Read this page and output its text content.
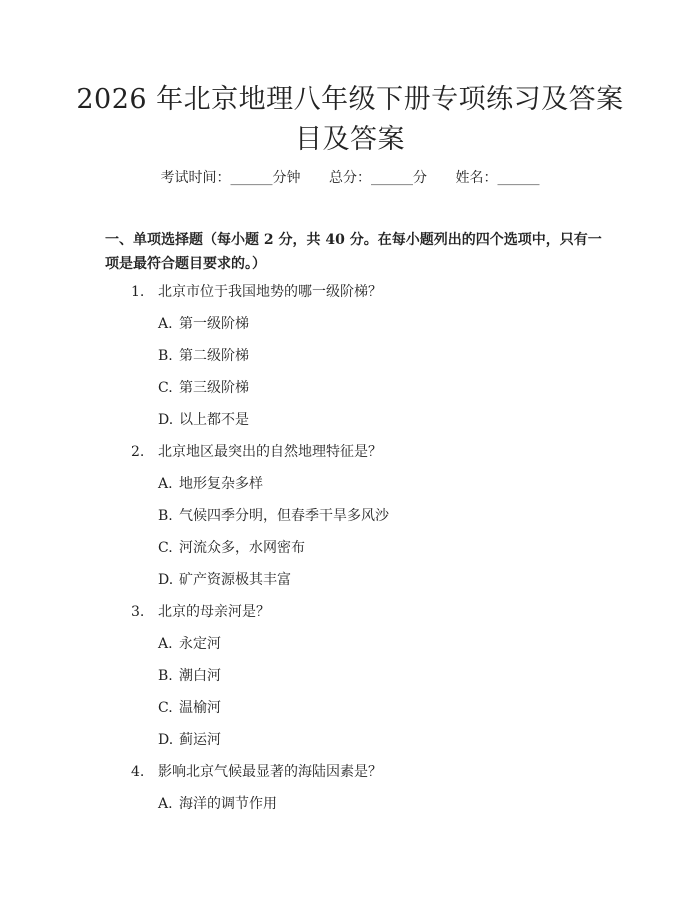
2026 年北京地理八年级下册专项练习及答案
目及答案
考试时间：______分钟 总分：______分 姓名：______
一、单项选择题（每小题 2 分，共 40 分。在每小题列出的四个选项中，只有一项是最符合题目要求的。）
1. 北京市位于我国地势的哪一级阶梯？
A. 第一级阶梯
B. 第二级阶梯
C. 第三级阶梯
D. 以上都不是
2. 北京地区最突出的自然地理特征是？
A. 地形复杂多样
B. 气候四季分明，但春季干旱多风沙
C. 河流众多，水网密布
D. 矿产资源极其丰富
3. 北京的母亲河是？
A. 永定河
B. 潮白河
C. 温榆河
D. 蓟运河
4. 影响北京气候最显著的海陆因素是？
A. 海洋的调节作用
